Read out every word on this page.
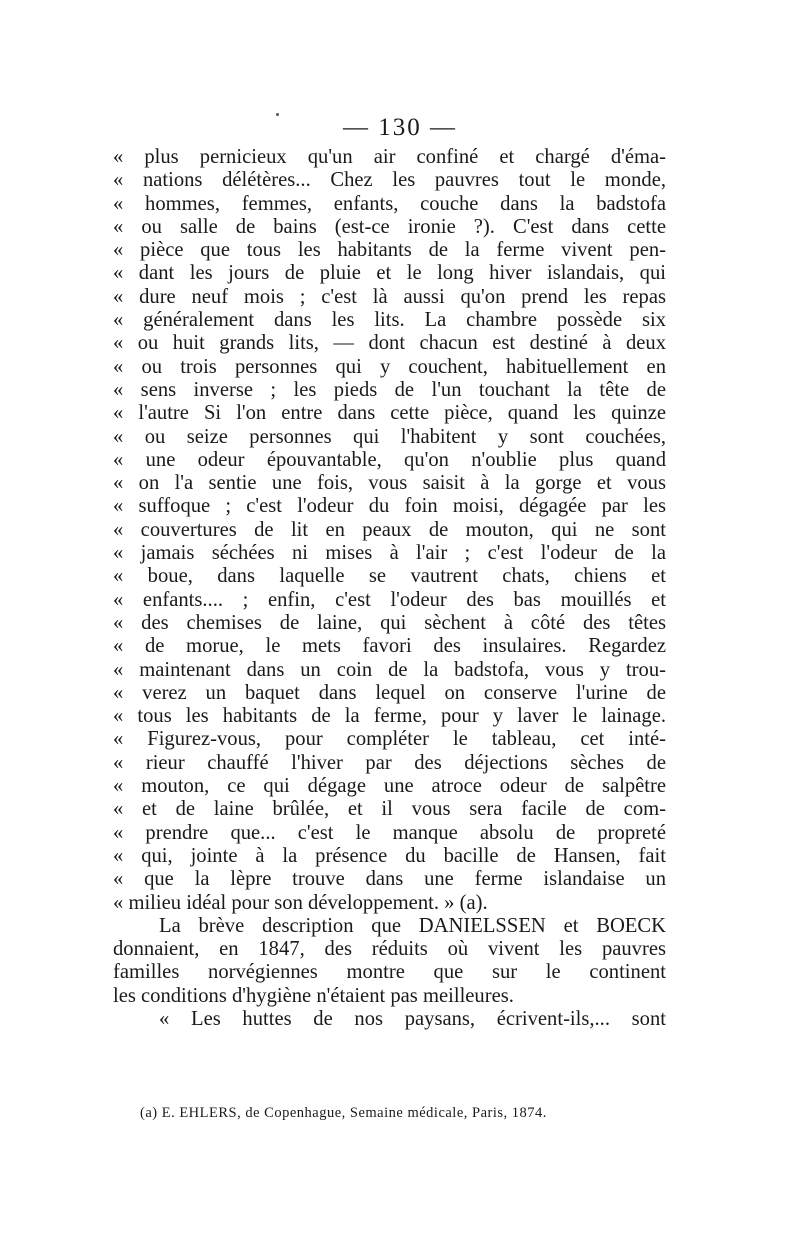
— 130 —
« plus pernicieux qu'un air confiné et chargé d'éma-
« nations délétères... Chez les pauvres tout le monde,
« hommes, femmes, enfants, couche dans la badstofa
« ou salle de bains (est-ce ironie ?). C'est dans cette
« pièce que tous les habitants de la ferme vivent pen-
« dant les jours de pluie et le long hiver islandais, qui
« dure neuf mois ; c'est là aussi qu'on prend les repas
« généralement dans les lits. La chambre possède six
« ou huit grands lits, — dont chacun est destiné à deux
« ou trois personnes qui y couchent, habituellement en
« sens inverse ; les pieds de l'un touchant la tête de
« l'autre Si l'on entre dans cette pièce, quand les quinze
« ou seize personnes qui l'habitent y sont couchées,
« une odeur épouvantable, qu'on n'oublie plus quand
« on l'a sentie une fois, vous saisit à la gorge et vous
« suffoque ; c'est l'odeur du foin moisi, dégagée par les
« couvertures de lit en peaux de mouton, qui ne sont
« jamais séchées ni mises à l'air ; c'est l'odeur de la
« boue, dans laquelle se vautrent chats, chiens et
« enfants.... ; enfin, c'est l'odeur des bas mouillés et
« des chemises de laine, qui sèchent à côté des têtes
« de morue, le mets favori des insulaires. Regardez
« maintenant dans un coin de la badstofa, vous y trou-
« verez un baquet dans lequel on conserve l'urine de
« tous les habitants de la ferme, pour y laver le lainage.
« Figurez-vous, pour compléter le tableau, cet inté-
« rieur chauffé l'hiver par des déjections sèches de
« mouton, ce qui dégage une atroce odeur de salpêtre
« et de laine brûlée, et il vous sera facile de com-
« prendre que... c'est le manque absolu de propreté
« qui, jointe à la présence du bacille de Hansen, fait
« que la lèpre trouve dans une ferme islandaise un
« milieu idéal pour son développement. » (a).
La brève description que DANIELSSEN et BOECK
donnaient, en 1847, des réduits où vivent les pauvres
familles norvégiennes montre que sur le continent
les conditions d'hygiène n'étaient pas meilleures.
« Les huttes de nos paysans, écrivent-ils,... sont
(a) E. EHLERS, de Copenhague, Semaine médicale, Paris, 1874.
